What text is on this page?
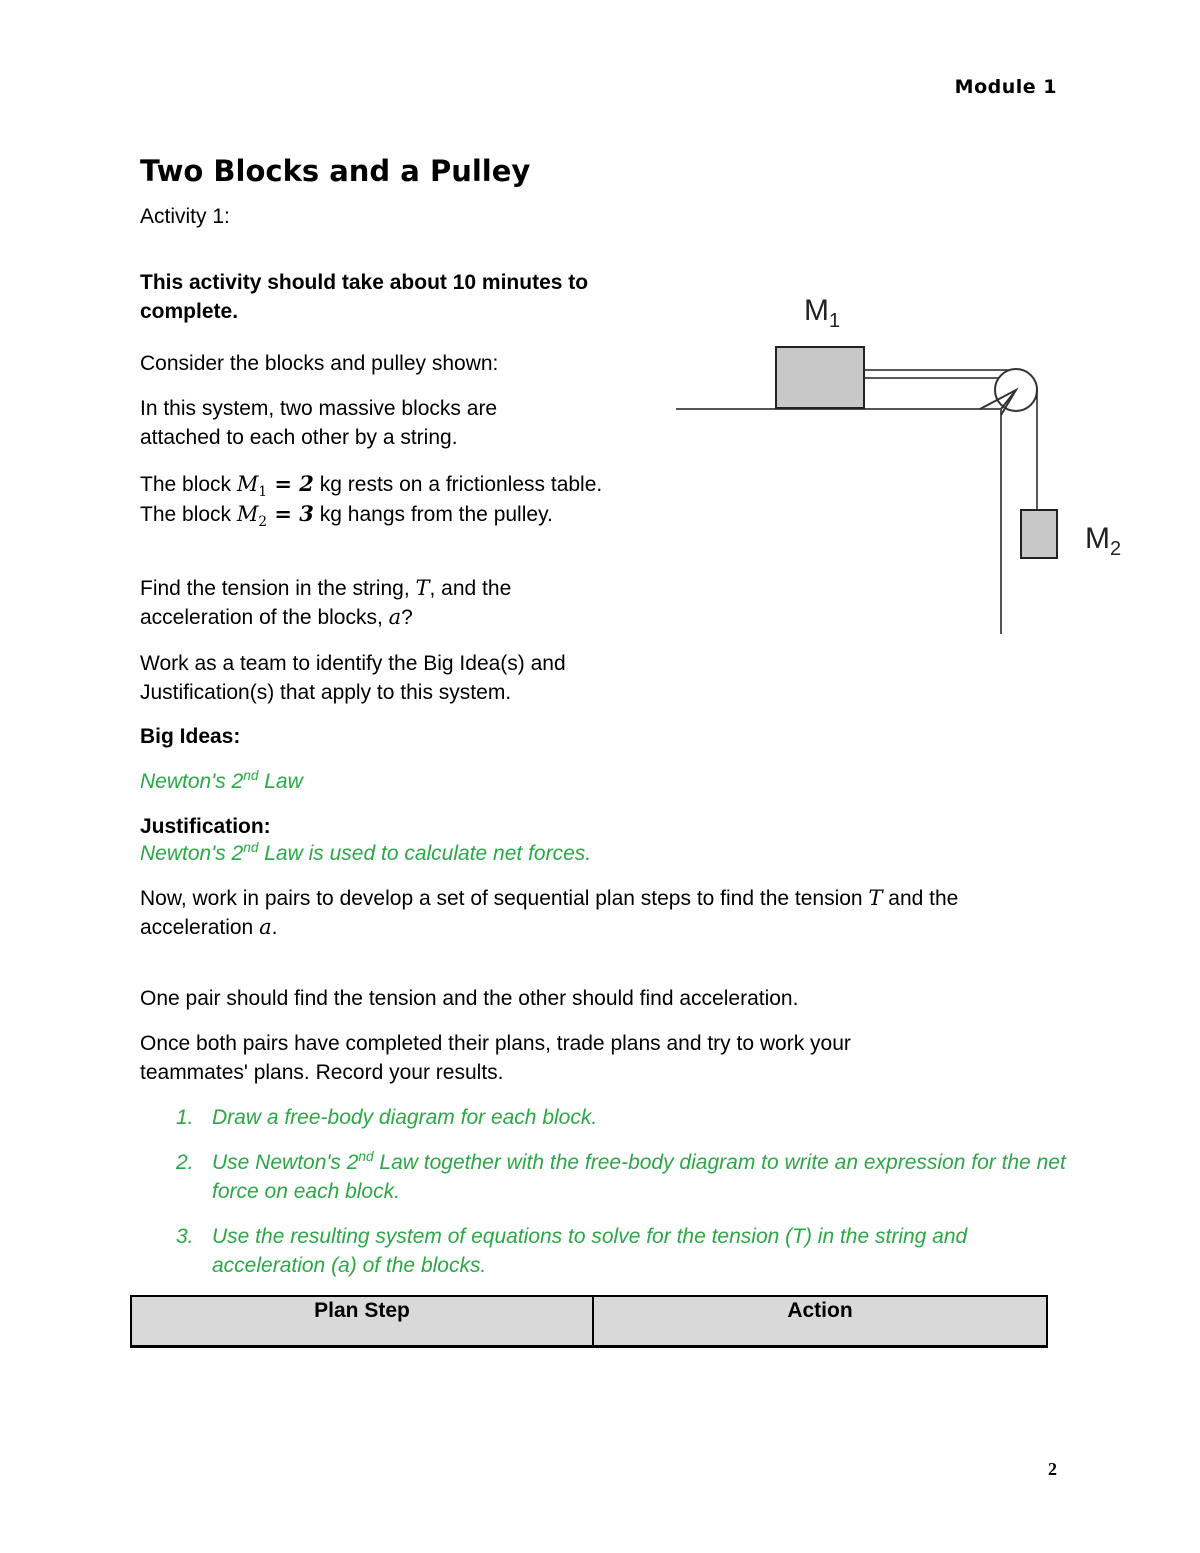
Module 1
Two Blocks and a Pulley
Activity 1:
This activity should take about 10 minutes to complete.
Consider the blocks and pulley shown:
In this system, two massive blocks are attached to each other by a string.
The block $M_1 = 2$ kg rests on a frictionless table. The block $M_2 = 3$ kg hangs from the pulley.
Find the tension in the string, T, and the acceleration of the blocks, a?
Work as a team to identify the Big Idea(s) and Justification(s) that apply to this system.
Big Ideas:
Newton's 2nd Law
Justification:
Newton's 2nd Law is used to calculate net forces.
Now, work in pairs to develop a set of sequential plan steps to find the tension T and the acceleration a.
One pair should find the tension and the other should find acceleration.
Once both pairs have completed their plans, trade plans and try to work your teammates' plans. Record your results.
1. Draw a free-body diagram for each block.
2. Use Newton's 2nd Law together with the free-body diagram to write an expression for the net force on each block.
3. Use the resulting system of equations to solve for the tension (T) in the string and acceleration (a) of the blocks.
Plan Step	Action
$M_1$
$M_2$
2
